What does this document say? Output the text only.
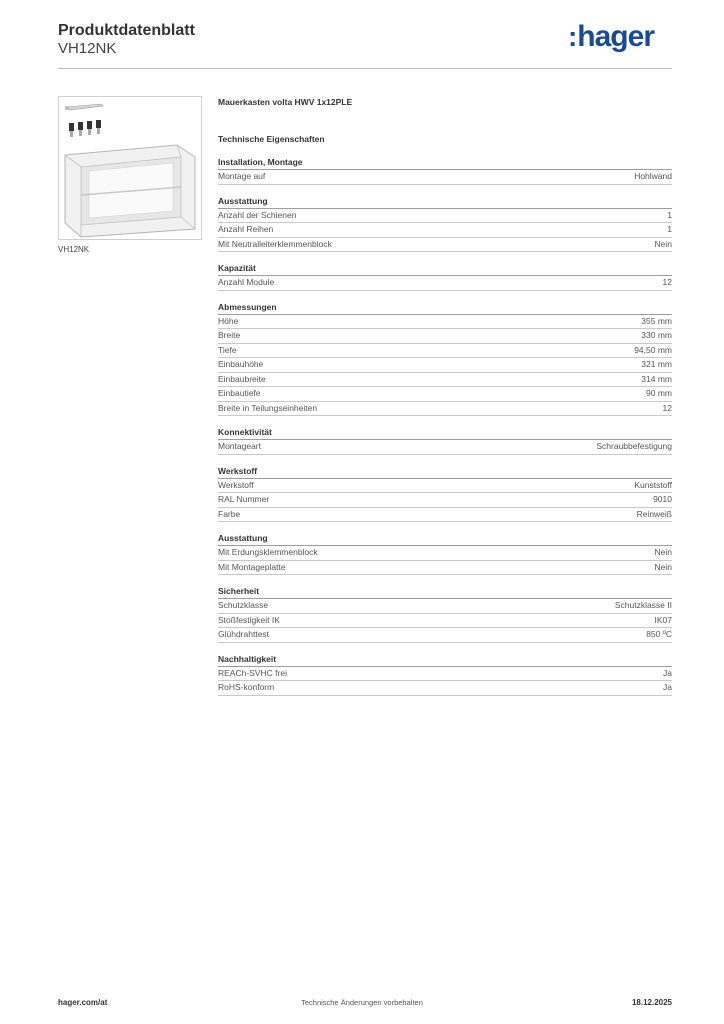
Produktdatenblatt
VH12NK	:hager
VH12NK
Mauerkasten volta HWV 1x12PLE
Technische Eigenschaften
Installation, Montage
Montage auf	Hohlwand
Ausstattung
Anzahl der Schienen	1
Anzahl Reihen	1
Mit Neutralleiterklemmenblock	Nein
Kapazität
Anzahl Module	12
Abmessungen
Höhe	355 mm
Breite	330 mm
Tiefe	94,50 mm
Einbauhöhe	321 mm
Einbaubreite	314 mm
Einbautiefe	90 mm
Breite in Teilungseinheiten	12
Konnektivität
Montageart	Schraubbefestigung
Werkstoff
Werkstoff	Kunststoff
RAL Nummer	9010
Farbe	Reinweiß
Ausstattung
Mit Erdungsklemmenblock	Nein
Mit Montageplatte	Nein
Sicherheit
Schutzklasse	Schutzklasse II
Stoßfestigkeit IK	IK07
Glühdrahttest	850 ºC
Nachhaltigkeit
REACh-SVHC frei	Ja
RoHS-konform	Ja
hager.com/at	Technische Änderungen vorbehalten	18.12.2025
